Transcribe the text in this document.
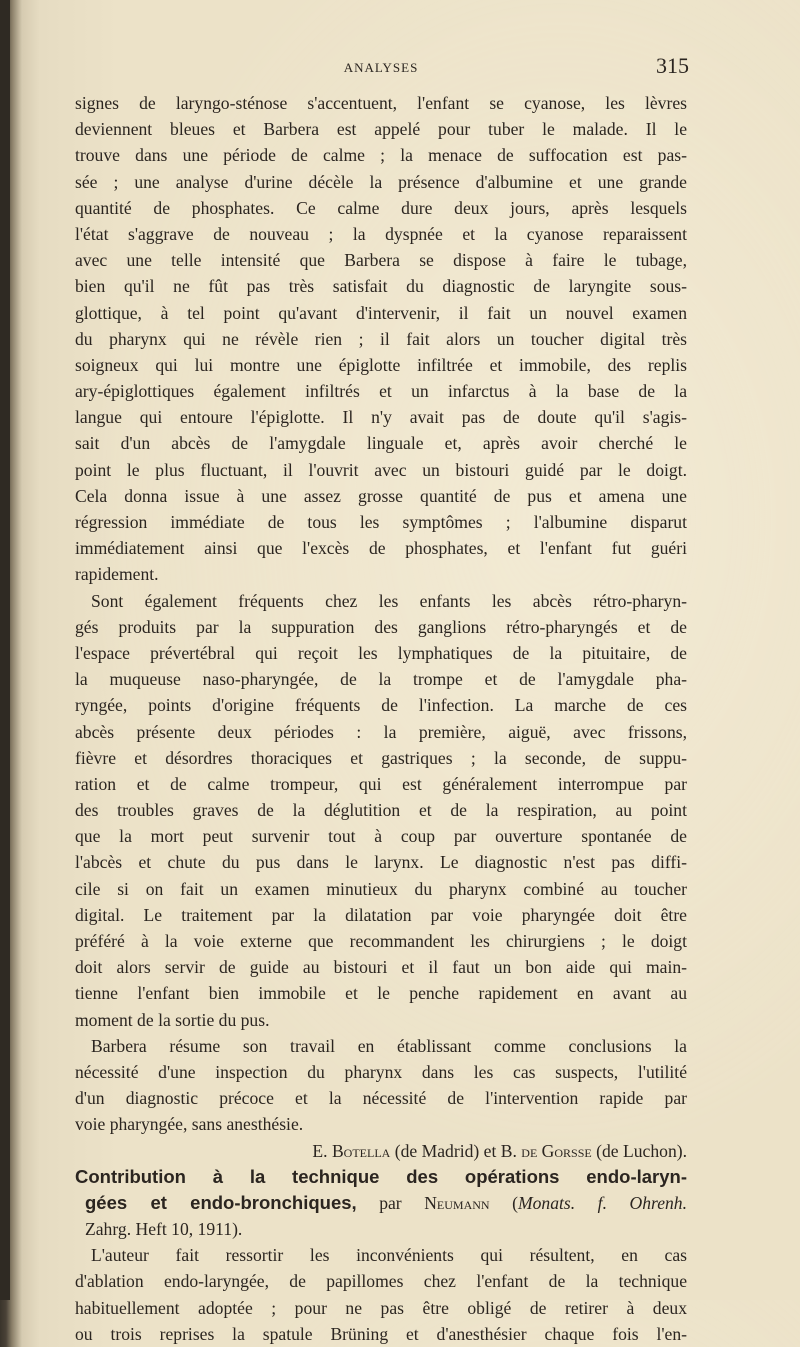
ANALYSES	315
signes de laryngo-sténose s'accentuent, l'enfant se cyanose, les lèvres
deviennent bleues et Barbera est appelé pour tuber le malade. Il le
trouve dans une période de calme ; la menace de suffocation est pas-
sée ; une analyse d'urine décèle la présence d'albumine et une grande
quantité de phosphates. Ce calme dure deux jours, après lesquels
l'état s'aggrave de nouveau ; la dyspnée et la cyanose reparaissent
avec une telle intensité que Barbera se dispose à faire le tubage,
bien qu'il ne fût pas très satisfait du diagnostic de laryngite sous-
glottique, à tel point qu'avant d'intervenir, il fait un nouvel examen
du pharynx qui ne révèle rien ; il fait alors un toucher digital très
soigneux qui lui montre une épiglotte infiltrée et immobile, des replis
ary-épiglottiques également infiltrés et un infarctus à la base de la
langue qui entoure l'épiglotte. Il n'y avait pas de doute qu'il s'agis-
sait d'un abcès de l'amygdale linguale et, après avoir cherché le
point le plus fluctuant, il l'ouvrit avec un bistouri guidé par le doigt.
Cela donna issue à une assez grosse quantité de pus et amena une
régression immédiate de tous les symptômes ; l'albumine disparut
immédiatement ainsi que l'excès de phosphates, et l'enfant fut guéri
rapidement.
Sont également fréquents chez les enfants les abcès rétro-pharyn-
gés produits par la suppuration des ganglions rétro-pharyngés et de
l'espace prévertébral qui reçoit les lymphatiques de la pituitaire, de
la muqueuse naso-pharyngée, de la trompe et de l'amygdale pha-
ryngée, points d'origine fréquents de l'infection. La marche de ces
abcès présente deux périodes : la première, aiguë, avec frissons,
fièvre et désordres thoraciques et gastriques ; la seconde, de suppu-
ration et de calme trompeur, qui est généralement interrompue par
des troubles graves de la déglutition et de la respiration, au point
que la mort peut survenir tout à coup par ouverture spontanée de
l'abcès et chute du pus dans le larynx. Le diagnostic n'est pas diffi-
cile si on fait un examen minutieux du pharynx combiné au toucher
digital. Le traitement par la dilatation par voie pharyngée doit être
préféré à la voie externe que recommandent les chirurgiens ; le doigt
doit alors servir de guide au bistouri et il faut un bon aide qui main-
tienne l'enfant bien immobile et le penche rapidement en avant au
moment de la sortie du pus.
Barbera résume son travail en établissant comme conclusions la
nécessité d'une inspection du pharynx dans les cas suspects, l'utilité
d'un diagnostic précoce et la nécessité de l'intervention rapide par
voie pharyngée, sans anesthésie.
E. Botella (de Madrid) et B. de Gorsse (de Luchon).
Contribution à la technique des opérations endo-laryn-
gées et endo-bronchiques, par Neumann (Monats. f. Ohrenh.
Zahrg. Heft 10, 1911).
L'auteur fait ressortir les inconvénients qui résultent, en cas
d'ablation endo-laryngée, de papillomes chez l'enfant de la technique
habituellement adoptée ; pour ne pas être obligé de retirer à deux
ou trois reprises la spatule Brüning et d'anesthésier chaque fois l'en-
